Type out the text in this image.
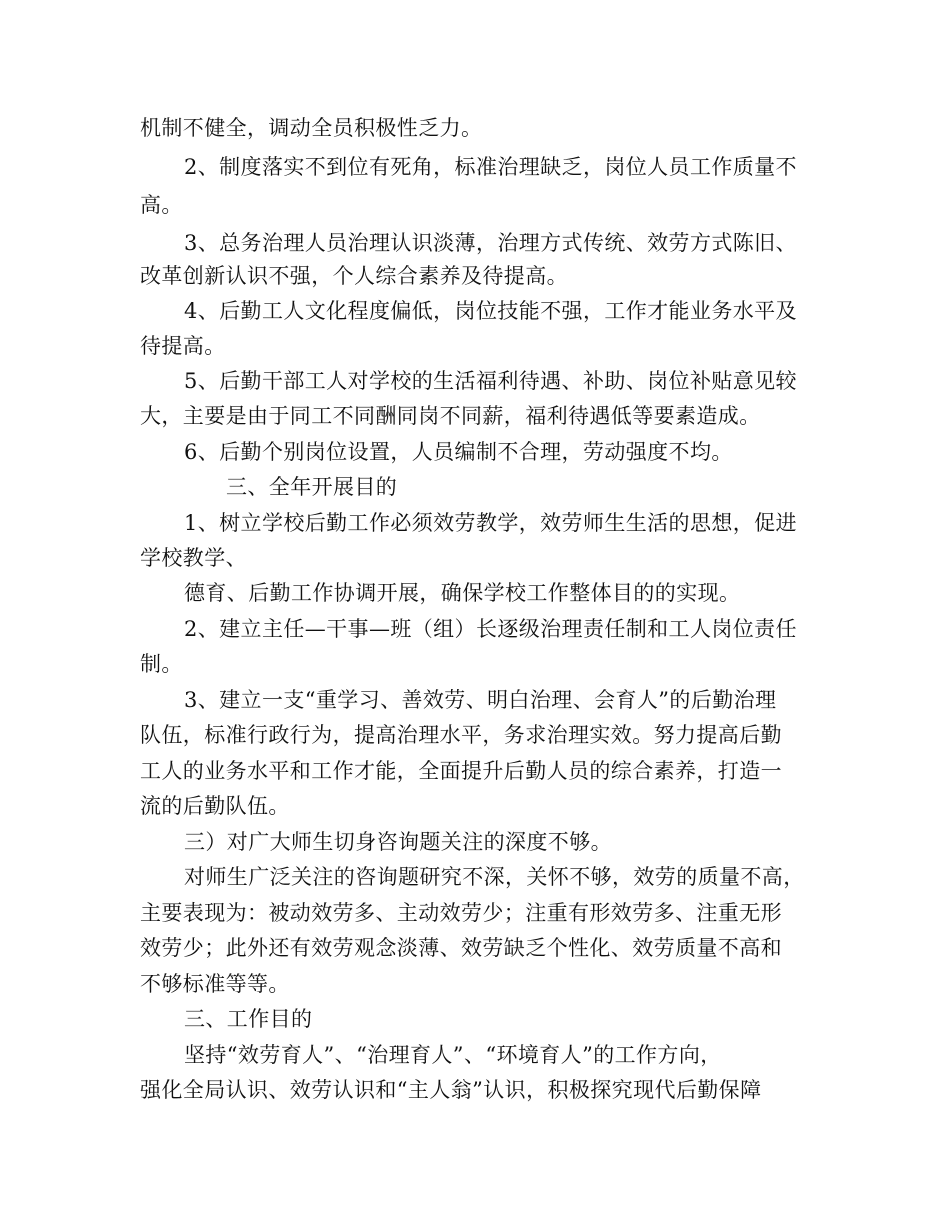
机制不健全，调动全员积极性乏力。
2、制度落实不到位有死角，标准治理缺乏，岗位人员工作质量不
高。
3、总务治理人员治理认识淡薄，治理方式传统、效劳方式陈旧、
改革创新认识不强，个人综合素养及待提高。
4、后勤工人文化程度偏低，岗位技能不强，工作才能业务水平及
待提高。
5、后勤干部工人对学校的生活福利待遇、补助、岗位补贴意见较
大，主要是由于同工不同酬同岗不同薪，福利待遇低等要素造成。
6、后勤个别岗位设置，人员编制不合理，劳动强度不均。
三、全年开展目的
1、树立学校后勤工作必须效劳教学，效劳师生生活的思想，促进
学校教学、
德育、后勤工作协调开展，确保学校工作整体目的的实现。
2、建立主任—干事—班（组）长逐级治理责任制和工人岗位责任
制。
3、建立一支“重学习、善效劳、明白治理、会育人”的后勤治理
队伍，标准行政行为，提高治理水平，务求治理实效。努力提高后勤
工人的业务水平和工作才能，全面提升后勤人员的综合素养，打造一
流的后勤队伍。
三）对广大师生切身咨询题关注的深度不够。
对师生广泛关注的咨询题研究不深，关怀不够，效劳的质量不高，
主要表现为：被动效劳多、主动效劳少；注重有形效劳多、注重无形
效劳少；此外还有效劳观念淡薄、效劳缺乏个性化、效劳质量不高和
不够标准等等。
三、工作目的
坚持“效劳育人”、“治理育人”、“环境育人”的工作方向，
强化全局认识、效劳认识和“主人翁”认识，积极探究现代后勤保障
